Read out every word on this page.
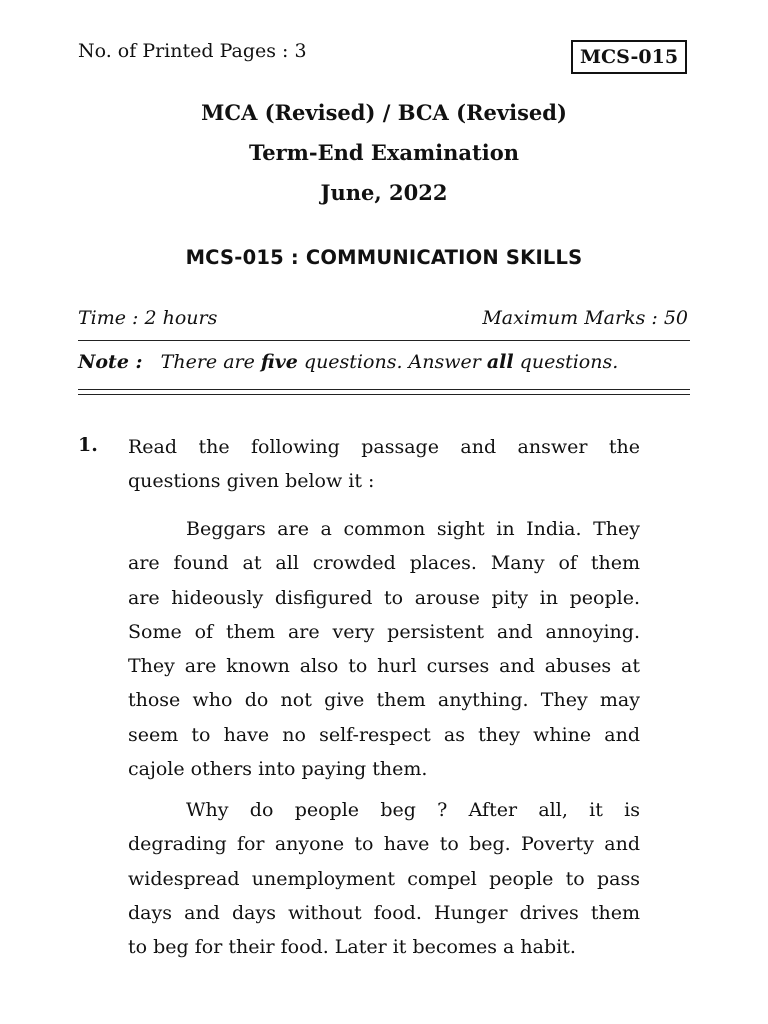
No. of Printed Pages : 3	MCS-015
MCA (Revised) / BCA (Revised)
Term-End Examination
June, 2022
MCS-015 : COMMUNICATION SKILLS
Time : 2 hours	Maximum Marks : 50
Note : There are five questions. Answer all questions.
1. Read the following passage and answer the questions given below it :
Beggars are a common sight in India. They
are found at all crowded places. Many of them
are hideously disfigured to arouse pity in people.
Some of them are very persistent and annoying.
They are known also to hurl curses and abuses at
those who do not give them anything. They may
seem to have no self-respect as they whine and
cajole others into paying them.
Why do people beg ? After all, it is
degrading for anyone to have to beg. Poverty and
widespread unemployment compel people to pass
days and days without food. Hunger drives them
to beg for their food. Later it becomes a habit.
